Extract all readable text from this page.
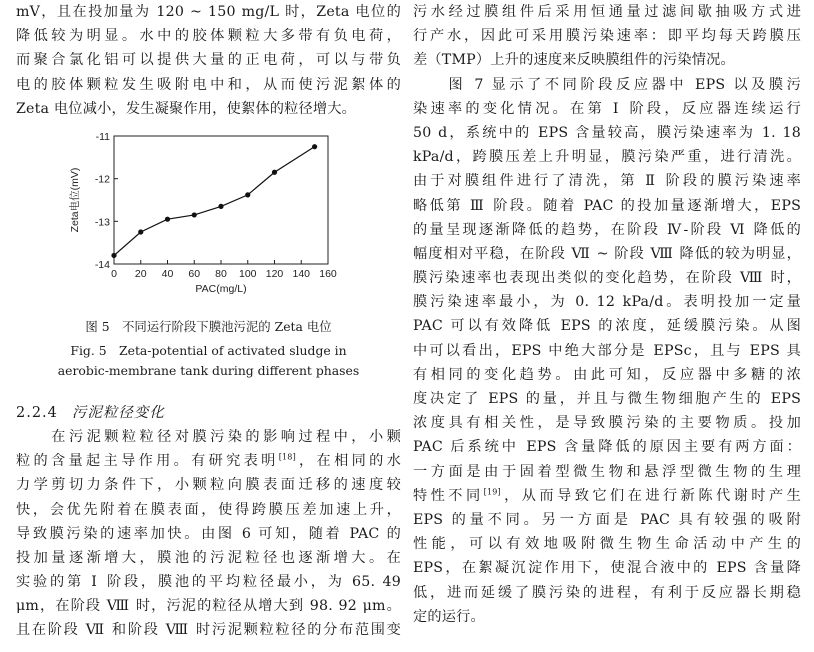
mV，且在投加量为 120 ~ 150 mg/L 时，Zeta 电位的
降低较为明显。水中的胶体颗粒大多带有负电荷，
而聚合氯化铝可以提供大量的正电荷，可以与带负
电的胶体颗粒发生吸附电中和，从而使污泥絮体的
Zeta 电位减小，发生凝聚作用，使絮体的粒径增大。
-14
-13
-12
-11
0 20 40 60 80 100 120 140 160
PAC(mg/L)
Zeta电位(mV)
图 5　不同运行阶段下膜池污泥的 Zeta 电位
Fig. 5　Zeta-potential of activated sludge in
aerobic-membrane tank during different phases
2.2.4 污泥粒径变化
　　在污泥颗粒粒径对膜污染的影响过程中，小颗
粒的含量起主导作用。有研究表明[18]，在相同的水
力学剪切力条件下，小颗粒向膜表面迁移的速度较
快，会优先附着在膜表面，使得跨膜压差加速上升，
导致膜污染的速率加快。由图 6 可知，随着 PAC 的
投加量逐渐增大，膜池的污泥粒径也逐渐增大。在
实验的第 Ⅰ 阶段，膜池的平均粒径最小，为 65. 49
μm，在阶段 Ⅷ 时，污泥的粒径从增大到 98. 92 μm。
且在阶段 Ⅶ 和阶段 Ⅷ 时污泥颗粒粒径的分布范围变
污水经过膜组件后采用恒通量过滤间歇抽吸方式进
行产水，因此可采用膜污染速率：即平均每天跨膜压
差（TMP）上升的速度来反映膜组件的污染情况。
　　图 7 显示了不同阶段反应器中 EPS 以及膜污
染速率的变化情况。在第 Ⅰ 阶段，反应器连续运行
50 d，系统中的 EPS 含量较高，膜污染速率为 1. 18
kPa/d，跨膜压差上升明显，膜污染严重，进行清洗。
由于对膜组件进行了清洗，第 Ⅱ 阶段的膜污染速率
略低第 Ⅲ 阶段。随着 PAC 的投加量逐渐增大，EPS
的量呈现逐渐降低的趋势，在阶段 Ⅳ-阶段 Ⅵ 降低的
幅度相对平稳，在阶段 Ⅶ ~ 阶段 Ⅷ 降低的较为明显，
膜污染速率也表现出类似的变化趋势，在阶段 Ⅷ 时，
膜污染速率最小，为 0. 12 kPa/d。表明投加一定量
PAC 可以有效降低 EPS 的浓度，延缓膜污染。从图
中可以看出，EPS 中绝大部分是 EPSc，且与 EPS 具
有相同的变化趋势。由此可知，反应器中多糖的浓
度决定了 EPS 的量，并且与微生物细胞产生的 EPS
浓度具有相关性，是导致膜污染的主要物质。投加
PAC 后系统中 EPS 含量降低的原因主要有两方面：
一方面是由于固着型微生物和悬浮型微生物的生理
特性不同[19]，从而导致它们在进行新陈代谢时产生
EPS 的量不同。另一方面是 PAC 具有较强的吸附
性能，可以有效地吸附微生物生命活动中产生的
EPS，在絮凝沉淀作用下，使混合液中的 EPS 含量降
低，进而延缓了膜污染的进程，有利于反应器长期稳
定的运行。
